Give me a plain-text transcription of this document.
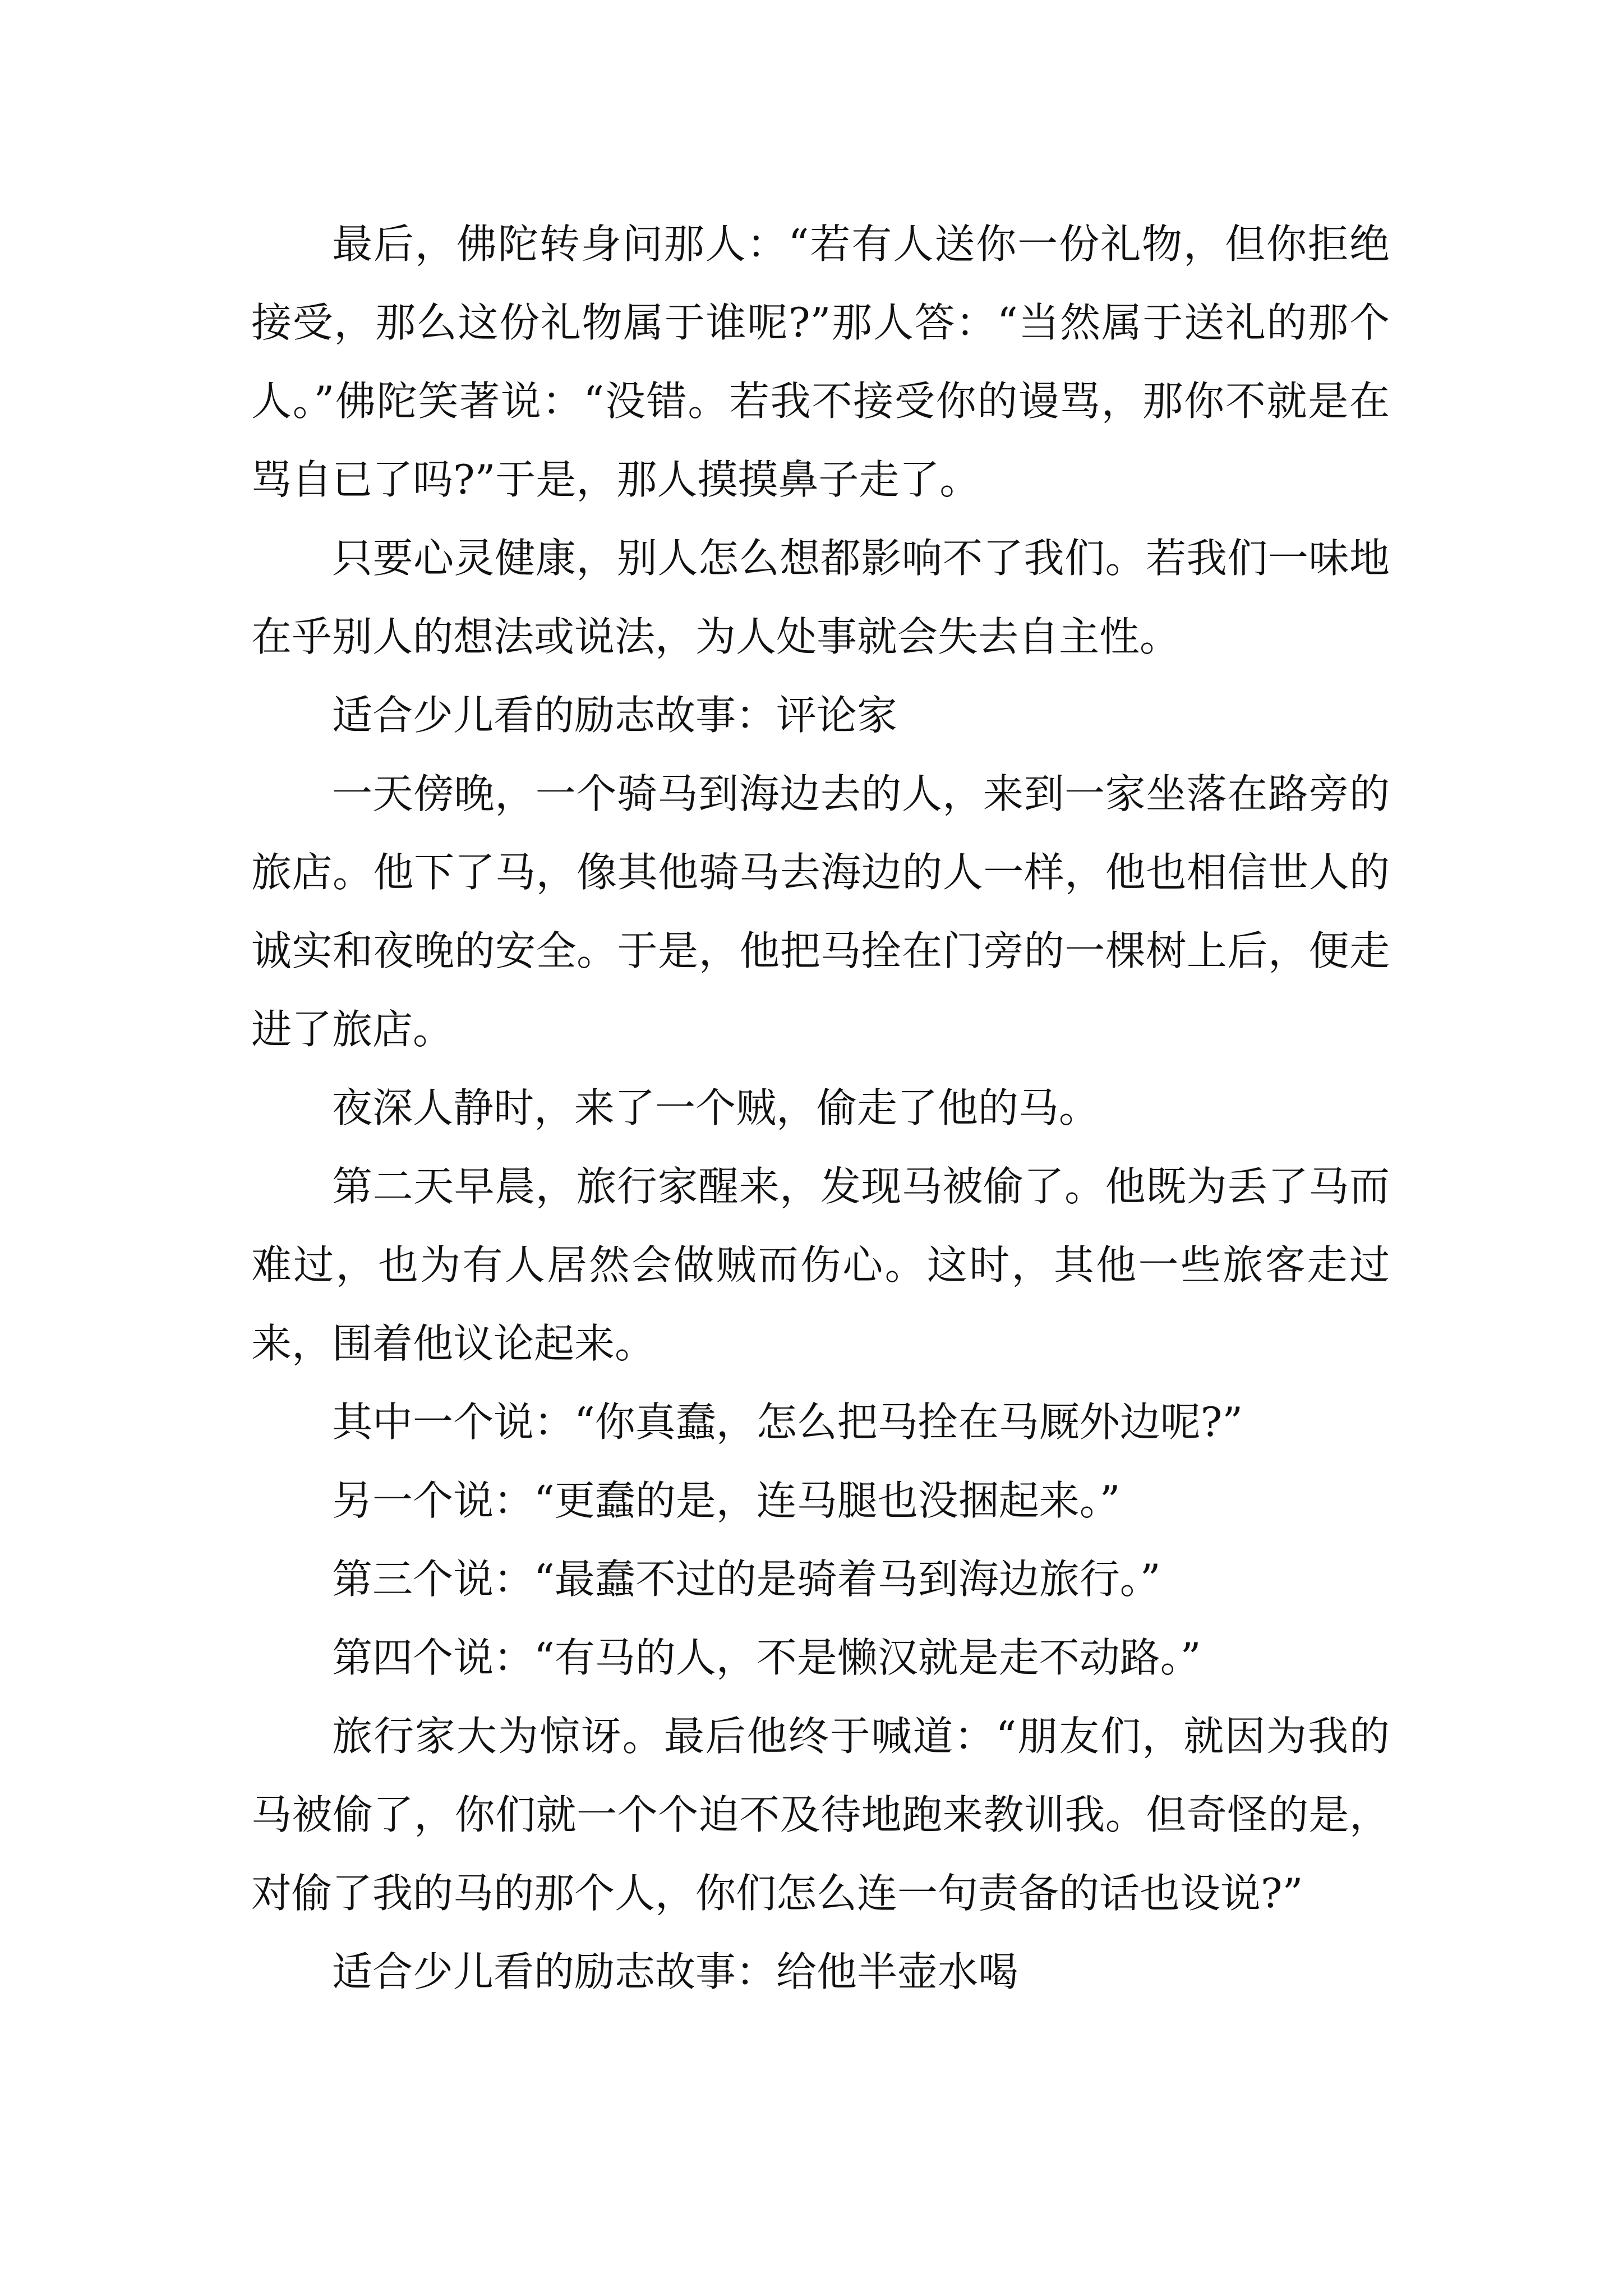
最后，佛陀转身问那人：“若有人送你一份礼物，但你拒绝接受，那么这份礼物属于谁呢?”那人答：“当然属于送礼的那个人。”佛陀笑著说：“没错。若我不接受你的谩骂，那你不就是在骂自已了吗?”于是，那人摸摸鼻子走了。

只要心灵健康，别人怎么想都影响不了我们。若我们一味地在乎别人的想法或说法，为人处事就会失去自主性。

适合少儿看的励志故事：评论家

一天傍晚，一个骑马到海边去的人，来到一家坐落在路旁的旅店。他下了马，像其他骑马去海边的人一样，他也相信世人的诚实和夜晚的安全。于是，他把马拴在门旁的一棵树上后，便走进了旅店。

夜深人静时，来了一个贼，偷走了他的马。

第二天早晨，旅行家醒来，发现马被偷了。他既为丢了马而难过，也为有人居然会做贼而伤心。这时，其他一些旅客走过来，围着他议论起来。

其中一个说：“你真蠢，怎么把马拴在马厩外边呢?”

另一个说：“更蠢的是，连马腿也没捆起来。”

第三个说：“最蠢不过的是骑着马到海边旅行。”

第四个说：“有马的人，不是懒汉就是走不动路。”

旅行家大为惊讶。最后他终于喊道：“朋友们，就因为我的马被偷了，你们就一个个迫不及待地跑来教训我。但奇怪的是，对偷了我的马的那个人，你们怎么连一句责备的话也设说?”

适合少儿看的励志故事：给他半壶水喝
